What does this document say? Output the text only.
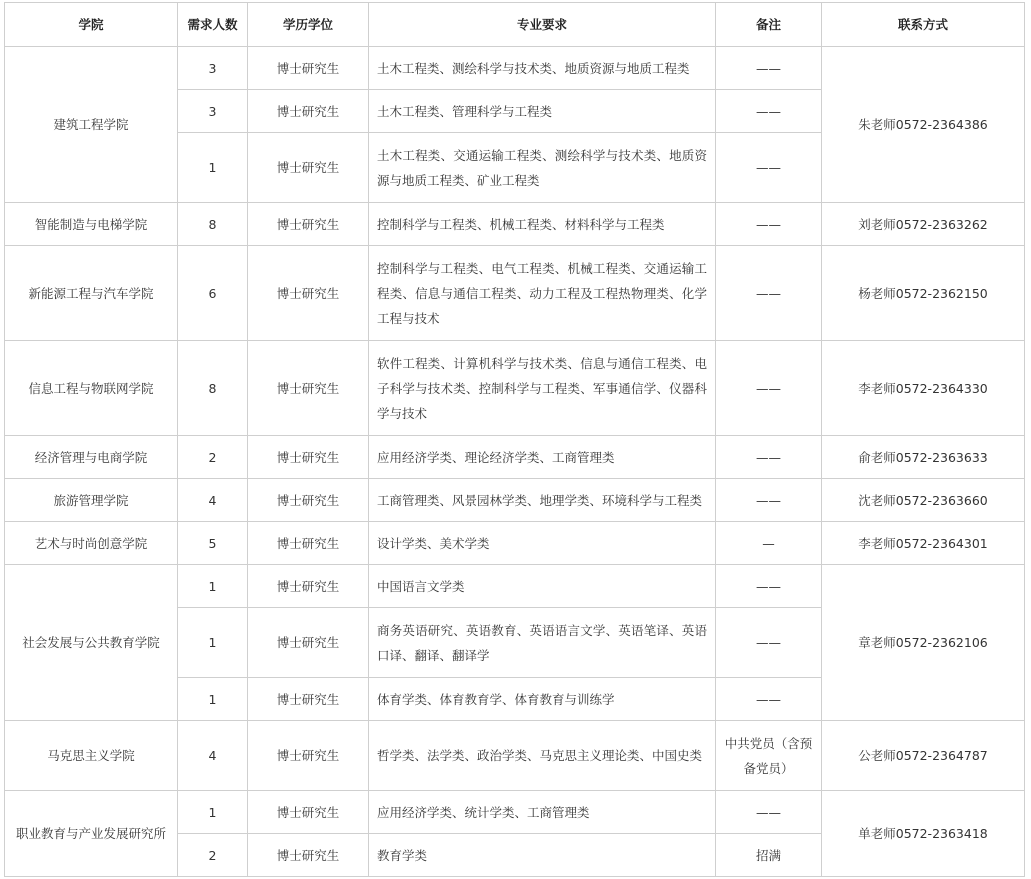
学院	需求人数	学历学位	专业要求	备注	联系方式
建筑工程学院	3	博士研究生	土木工程类、测绘科学与技术类、地质资源与地质工程类	——	朱老师0572-2364386
	3	博士研究生	土木工程类、管理科学与工程类	——	
	1	博士研究生	土木工程类、交通运输工程类、测绘科学与技术类、地质资源与地质工程类、矿业工程类	——	
智能制造与电梯学院	8	博士研究生	控制科学与工程类、机械工程类、材料科学与工程类	——	刘老师0572-2363262
新能源工程与汽车学院	6	博士研究生	控制科学与工程类、电气工程类、机械工程类、交通运输工程类、信息与通信工程类、动力工程及工程热物理类、化学工程与技术	——	杨老师0572-2362150
信息工程与物联网学院	8	博士研究生	软件工程类、计算机科学与技术类、信息与通信工程类、电子科学与技术类、控制科学与工程类、军事通信学、仪器科学与技术	——	李老师0572-2364330
经济管理与电商学院	2	博士研究生	应用经济学类、理论经济学类、工商管理类	——	俞老师0572-2363633
旅游管理学院	4	博士研究生	工商管理类、风景园林学类、地理学类、环境科学与工程类	——	沈老师0572-2363660
艺术与时尚创意学院	5	博士研究生	设计学类、美术学类	—	李老师0572-2364301
社会发展与公共教育学院	1	博士研究生	中国语言文学类	——	章老师0572-2362106
	1	博士研究生	商务英语研究、英语教育、英语语言文学、英语笔译、英语口译、翻译、翻译学	——	
	1	博士研究生	体育学类、体育教育学、体育教育与训练学	——	
马克思主义学院	4	博士研究生	哲学类、法学类、政治学类、马克思主义理论类、中国史类	中共党员（含预备党员）	公老师0572-2364787
职业教育与产业发展研究所	1	博士研究生	应用经济学类、统计学类、工商管理类	——	单老师0572-2363418
	2	博士研究生	教育学类	招满	
